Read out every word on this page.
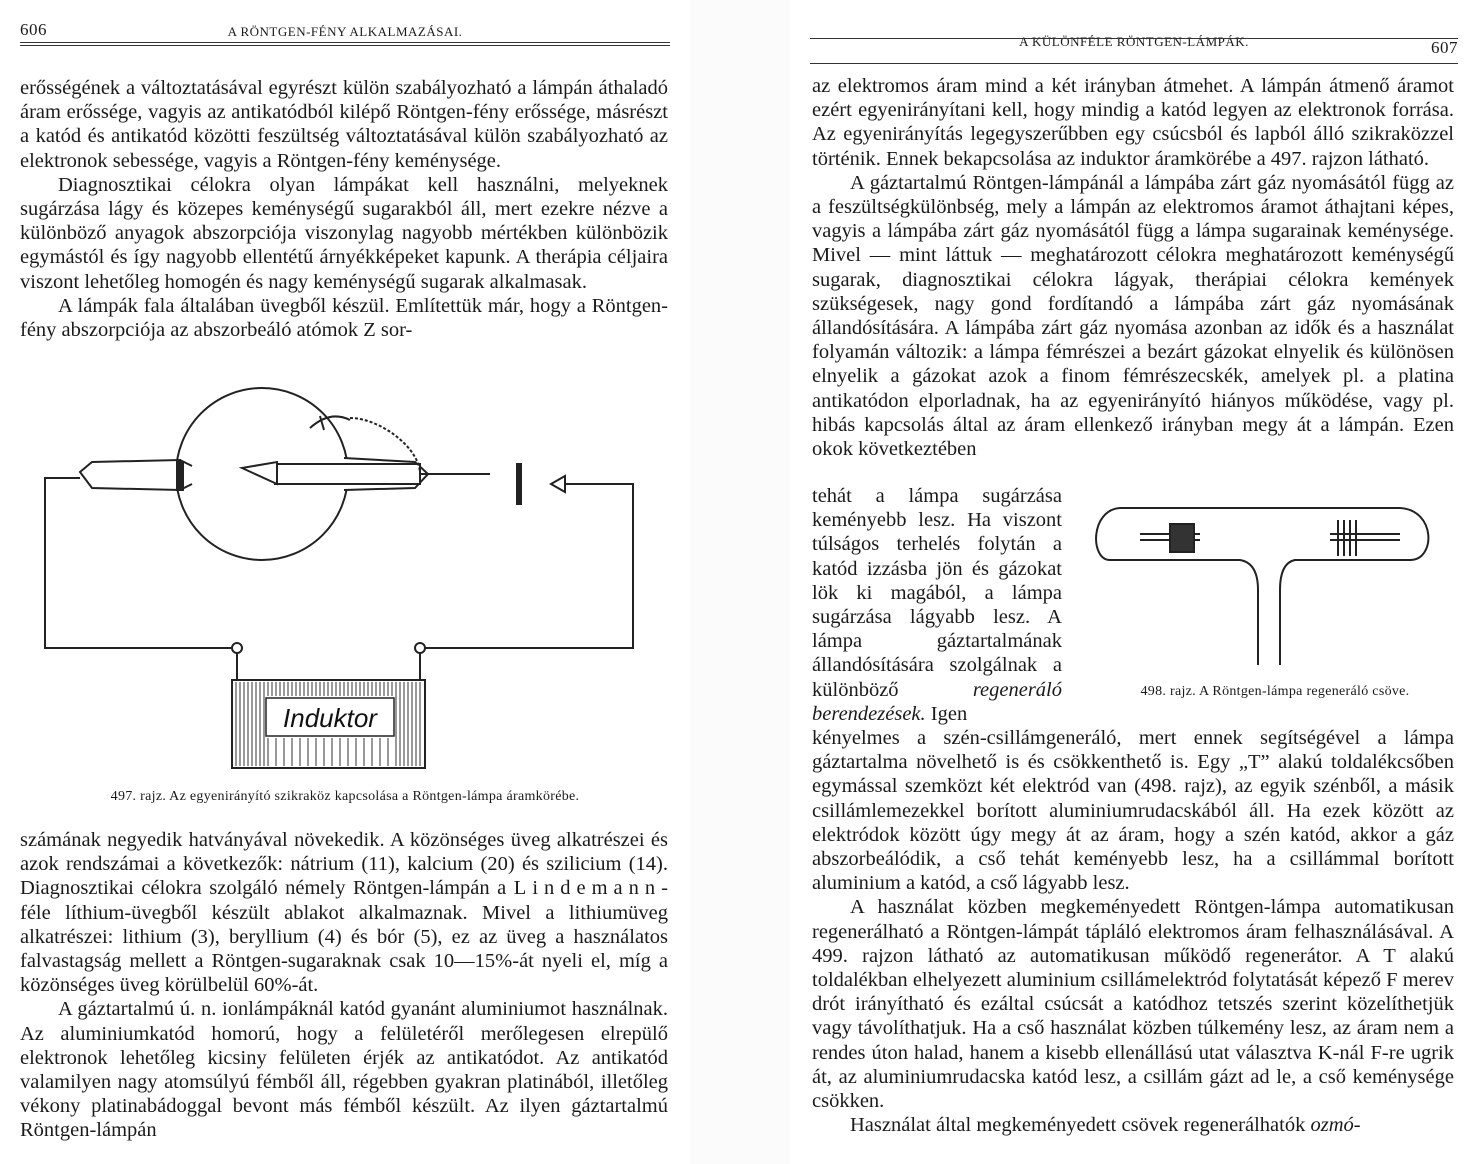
606	A RÖNTGEN-FÉNY ALKALMAZÁSAI.

erősségének a változtatásával egyrészt külön szabályozható a lámpán áthaladó áram erőssége, vagyis az antikatódból kilépő Röntgen-fény erőssége, másrészt a katód és antikatód közötti feszültség változtatásával külön szabályozható az elektronok sebessége, vagyis a Röntgen-fény keménysége.

Diagnosztikai célokra olyan lámpákat kell használni, melyeknek sugárzása lágy és közepes keménységű sugarakból áll, mert ezekre nézve a különböző anyagok abszorpciója viszonylag nagyobb mértékben különbözik egymástól és így nagyobb ellentétű árnyékképeket kapunk. A therápia céljaira viszont lehetőleg homogén és nagy keménységű sugarak alkalmasak.

A lámpák fala általában üvegből készül. Említettük már, hogy a Röntgen-fény abszorpciója az abszorbeáló atómok Z sor-

Induktor
497. rajz. Az egyenirányító szikraköz kapcsolása a Röntgen-lámpa áramkörébe.

számának negyedik hatványával növekedik. A közönséges üveg alkatrészei és azok rendszámai a következők: nátrium (11), kalcium (20) és szilicium (14). Diagnosztikai célokra szolgáló némely Röntgen-lámpán a Lindemann-féle líthium-üvegből készült ablakot alkalmaznak. Mivel a lithiumüveg alkatrészei: lithium (3), beryllium (4) és bór (5), ez az üveg a használatos falvastagság mellett a Röntgen-sugaraknak csak 10—15%-át nyeli el, míg a közönséges üveg körülbelül 60%-át.

A gáztartalmú ú. n. ionlámpáknál katód gyanánt aluminiumot használnak. Az aluminiumkatód homorú, hogy a felületéről merőlegesen elrepülő elektronok lehetőleg kicsiny felületen érjék az antikatódot. Az antikatód valamilyen nagy atomsúlyú fémből áll, régebben gyakran platinából, illetőleg vékony platinabádoggal bevont más fémből készült. Az ilyen gáztartalmú Röntgen-lámpán

A KÜLÖNFÉLE RÖNTGEN-LÁMPÁK.	607

az elektromos áram mind a két irányban átmehet. A lámpán átmenő áramot ezért egyenirányítani kell, hogy mindig a katód legyen az elektronok forrása. Az egyenirányítás legegyszerűbben egy csúcsból és lapból álló szikraközzel történik. Ennek bekapcsolása az induktor áramkörébe a 497. rajzon látható.

A gáztartalmú Röntgen-lámpánál a lámpába zárt gáz nyomásától függ az a feszültségkülönbség, mely a lámpán az elektromos áramot áthajtani képes, vagyis a lámpába zárt gáz nyomásától függ a lámpa sugarainak keménysége. Mivel — mint láttuk — meghatározott célokra meghatározott keménységű sugarak, diagnosztikai célokra lágyak, therápiai célokra kemények szükségesek, nagy gond fordítandó a lámpába zárt gáz nyomásának állandósítására. A lámpába zárt gáz nyomása azonban az idők és a használat folyamán változik: a lámpa fémrészei a bezárt gázokat elnyelik és különösen elnyelik a gázokat azok a finom fémrészecskék, amelyek pl. a platina antikatódon elporladnak, ha az egyenirányító hiányos működése, vagy pl. hibás kapcsolás által az áram ellenkező irányban megy át a lámpán. Ezen okok következtében

tehát a lámpa sugárzása keményebb lesz. Ha viszont túlságos terhelés folytán a katód izzásba jön és gázokat lök ki magából, a lámpa sugárzása lágyabb lesz. A lámpa gáztartalmának állandósítására szolgálnak a különböző	regeneráló berendezések. Igen
498. rajz. A Röntgen-lámpa regeneráló csöve.

kényelmes a szén-csillámgeneráló, mert ennek segítségével a lámpa gáztartalma növelhető is és csökkenthető is. Egy „T” alakú toldalékcsőben egymással szemközt két elektród van (498. rajz), az egyik szénből, a másik csillámlemezekkel borított aluminiumrudacskából áll. Ha ezek között az elektródok között úgy megy át az áram, hogy a szén katód, akkor a gáz abszorbeálódik, a cső tehát keményebb lesz, ha a csillámmal borított aluminium a katód, a cső lágyabb lesz.

A használat közben megkeményedett Röntgen-lámpa automatikusan regenerálható a Röntgen-lámpát tápláló elektromos áram felhasználásával. A 499. rajzon látható az automatikusan működő regenerátor. A T alakú toldalékban elhelyezett aluminium csillámelektród folytatását képező F merev drót irányítható és ezáltal csúcsát a katódhoz tetszés szerint közelíthetjük vagy távolíthatjuk. Ha a cső használat közben túlkemény lesz, az áram nem a rendes úton halad, hanem a kisebb ellenállású utat választva K-nál F-re ugrik át, az aluminiumrudacska katód lesz, a csillám gázt ad le, a cső keménysége csökken.

Használat által megkeményedett csövek regenerálhatók ozmó-
